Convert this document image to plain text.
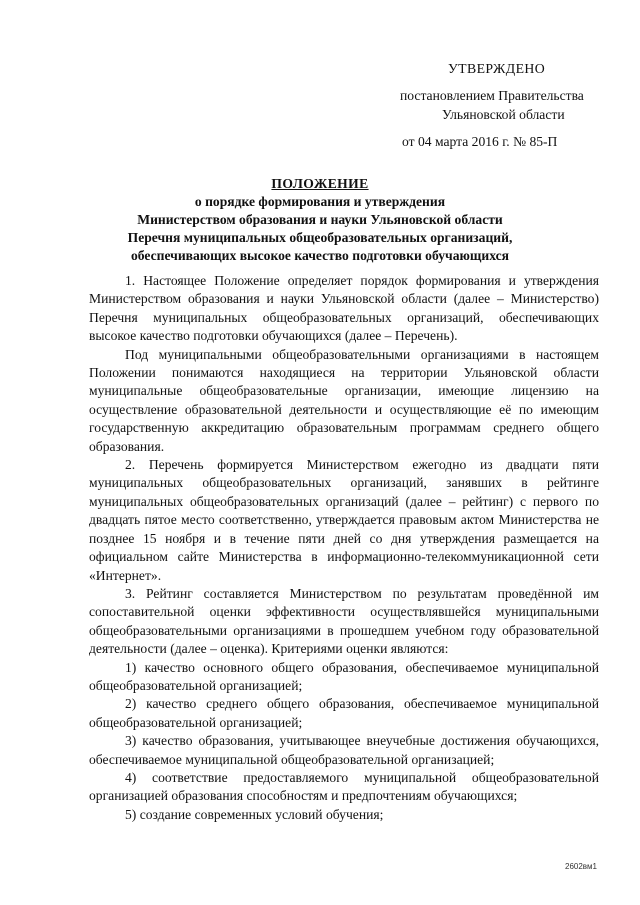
УТВЕРЖДЕНО
постановлением Правительства
Ульяновской области
от 04 марта 2016 г. № 85-П
ПОЛОЖЕНИЕ
о порядке формирования и утверждения
Министерством образования и науки Ульяновской области
Перечня муниципальных общеобразовательных организаций,
обеспечивающих высокое качество подготовки обучающихся

1. Настоящее Положение определяет порядок формирования и утверждения Министерством образования и науки Ульяновской области (далее – Министерство) Перечня муниципальных общеобразовательных организаций, обеспечивающих высокое качество подготовки обучающихся (далее – Перечень).

Под муниципальными общеобразовательными организациями в настоящем Положении понимаются находящиеся на территории Ульяновской области муниципальные общеобразовательные организации, имеющие лицензию на осуществление образовательной деятельности и осуществляющие её по имеющим государственную аккредитацию образовательным программам среднего общего образования.

2. Перечень формируется Министерством ежегодно из двадцати пяти муниципальных общеобразовательных организаций, занявших в рейтинге муниципальных общеобразовательных организаций (далее – рейтинг) с первого по двадцать пятое место соответственно, утверждается правовым актом Министерства не позднее 15 ноября и в течение пяти дней со дня утверждения размещается на официальном сайте Министерства в информационно-телекоммуникационной сети «Интернет».

3. Рейтинг составляется Министерством по результатам проведённой им сопоставительной оценки эффективности осуществлявшейся муниципальными общеобразовательными организациями в прошедшем учебном году образовательной деятельности (далее – оценка). Критериями оценки являются:

1) качество основного общего образования, обеспечиваемое муниципальной общеобразовательной организацией;

2) качество среднего общего образования, обеспечиваемое муниципальной общеобразовательной организацией;

3) качество образования, учитывающее внеучебные достижения обучающихся, обеспечиваемое муниципальной общеобразовательной организацией;

4) соответствие предоставляемого муниципальной общеобразовательной организацией образования способностям и предпочтениям обучающихся;

5) создание современных условий обучения;

2602вм1
